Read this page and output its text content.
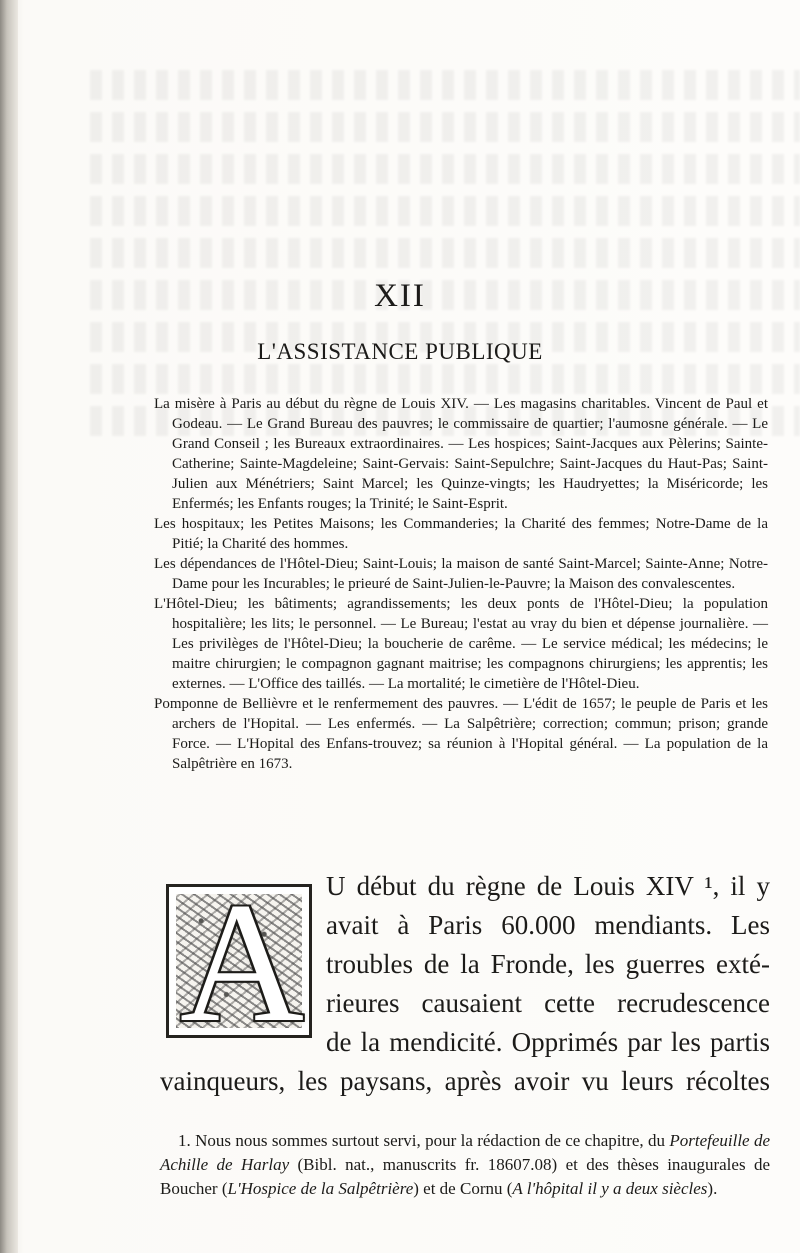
XII
L'ASSISTANCE PUBLIQUE

La misère à Paris au début du règne de Louis XIV. — Les magasins charitables. Vincent de Paul et Godeau. — Le Grand Bureau des pauvres; le commissaire de quartier; l'aumosne générale. — Le Grand Conseil ; les Bureaux extraordinaires. — Les hospices; Saint-Jacques aux Pèlerins; Sainte-Catherine; Sainte-Magdeleine; Saint-Gervais: Saint-Sepulchre; Saint-Jacques du Haut-Pas; Saint-Julien aux Ménétriers; Saint Marcel; les Quinze-vingts; les Haudryettes; la Miséricorde; les Enfermés; les Enfants rouges; la Trinité; le Saint-Esprit.

Les hospitaux; les Petites Maisons; les Commanderies; la Charité des femmes; Notre-Dame de la Pitié; la Charité des hommes.

Les dépendances de l'Hôtel-Dieu; Saint-Louis; la maison de santé Saint-Marcel; Sainte-Anne; Notre-Dame pour les Incurables; le prieuré de Saint-Julien-le-Pauvre; la Maison des convalescentes.

L'Hôtel-Dieu; les bâtiments; agrandissements; les deux ponts de l'Hôtel-Dieu; la population hospitalière; les lits; le personnel. — Le Bureau; l'estat au vray du bien et dépense journalière. — Les privilèges de l'Hôtel-Dieu; la boucherie de carême. — Le service médical; les médecins; le maitre chirurgien; le compagnon gagnant maitrise; les compagnons chirurgiens; les apprentis; les externes. — L'Office des taillés. — La mortalité; le cimetière de l'Hôtel-Dieu.

Pomponne de Bellièvre et le renfermement des pauvres. — L'édit de 1657; le peuple de Paris et les archers de l'Hopital. — Les enfermés. — La Salpêtrière; correction; commun; prison; grande Force. — L'Hopital des Enfans-trouvez; sa réunion à l'Hopital général. — La population de la Salpêtrière en 1673.

A U début du règne de Louis XIV ¹, il y
avait à Paris 60.000 mendiants. Les
troubles de la Fronde, les guerres exté-
rieures causaient cette recrudescence
de la mendicité. Opprimés par les partis
vainqueurs, les paysans, après avoir vu leurs récoltes

1. Nous nous sommes surtout servi, pour la rédaction de ce chapitre, du Portefeuille de Achille de Harlay (Bibl. nat., manuscrits fr. 18607.08) et des thèses inaugurales de Boucher (L'Hospice de la Salpêtrière) et de Cornu (A l'hôpital il y a deux siècles).
